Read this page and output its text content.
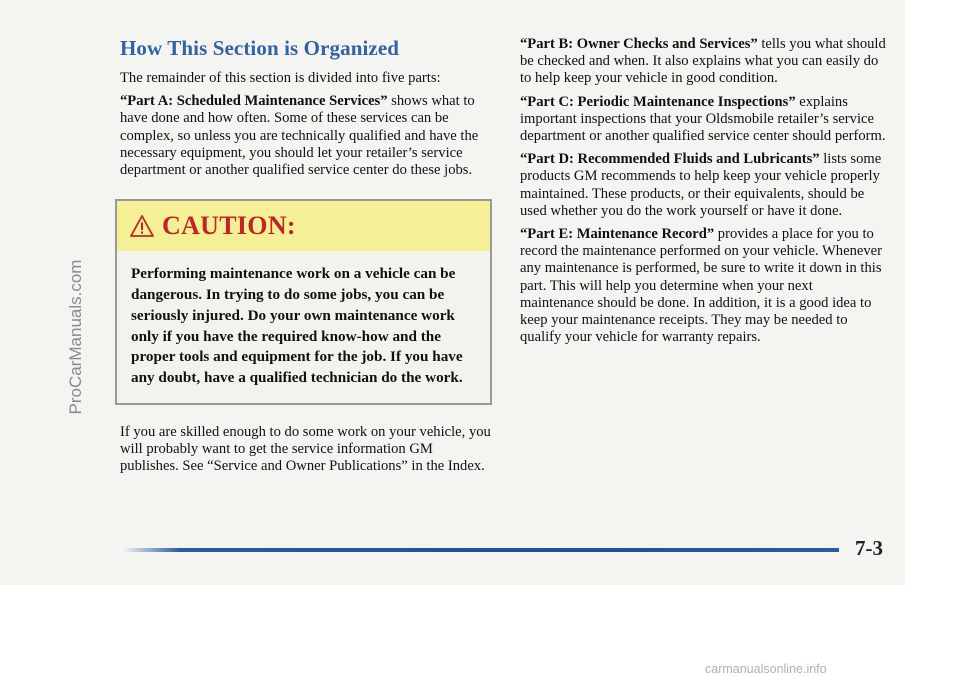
ProCarManuals.com
How This Section is Organized

The remainder of this section is divided into five parts:

“Part A: Scheduled Maintenance Services” shows what to have done and how often. Some of these services can be complex, so unless you are technically qualified and have the necessary equipment, you should let your retailer’s service department or another qualified service center do these jobs.

CAUTION:
Performing maintenance work on a vehicle can be dangerous. In trying to do some jobs, you can be seriously injured. Do your own maintenance work only if you have the required know-how and the proper tools and equipment for the job. If you have any doubt, have a qualified technician do the work.

If you are skilled enough to do some work on your vehicle, you will probably want to get the service information GM publishes. See “Service and Owner Publications” in the Index.

“Part B: Owner Checks and Services” tells you what should be checked and when. It also explains what you can easily do to help keep your vehicle in good condition.

“Part C: Periodic Maintenance Inspections” explains important inspections that your Oldsmobile retailer’s service department or another qualified service center should perform.

“Part D: Recommended Fluids and Lubricants” lists some products GM recommends to help keep your vehicle properly maintained. These products, or their equivalents, should be used whether you do the work yourself or have it done.

“Part E: Maintenance Record” provides a place for you to record the maintenance performed on your vehicle. Whenever any maintenance is performed, be sure to write it down in this part. This will help you determine when your next maintenance should be done. In addition, it is a good idea to keep your maintenance receipts. They may be needed to qualify your vehicle for warranty repairs.

7-3
carmanualsonline.info
